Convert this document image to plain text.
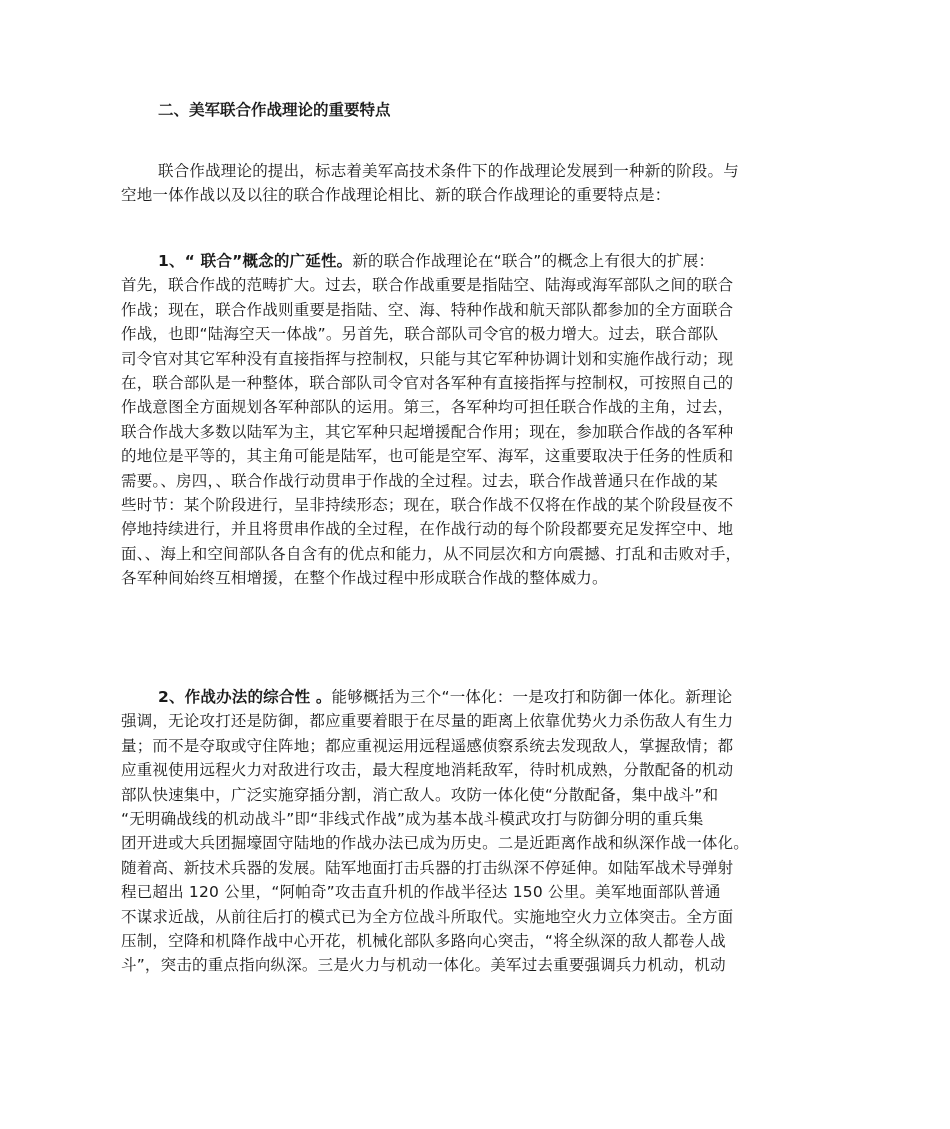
二、美军联合作战理论的重要特点
联合作战理论的提出，标志着美军高技术条件下的作战理论发展到一种新的阶段。与
空地一体作战以及以往的联合作战理论相比、新的联合作战理论的重要特点是：
1、“ 联合”概念的广延性。新的联合作战理论在“联合”的概念上有很大的扩展：
首先，联合作战的范畴扩大。过去，联合作战重要是指陆空、陆海或海军部队之间的联合
作战；现在，联合作战则重要是指陆、空、海、特种作战和航天部队都参加的全方面联合
作战，也即“陆海空天一体战”。另首先，联合部队司令官的极力增大。过去，联合部队
司令官对其它军种没有直接指挥与控制权，只能与其它军种协调计划和实施作战行动；现
在，联合部队是一种整体，联合部队司令官对各军种有直接指挥与控制权，可按照自己的
作战意图全方面规划各军种部队的运用。第三，各军种均可担任联合作战的主角，过去，
联合作战大多数以陆军为主，其它军种只起增援配合作用；现在，参加联合作战的各军种
的地位是平等的，其主角可能是陆军，也可能是空军、海军，这重要取决于任务的性质和
需要。、房四，、联合作战行动贯串于作战的全过程。过去，联合作战普通只在作战的某
些时节：某个阶段进行，呈非持续形态；现在，联合作战不仅将在作战的某个阶段昼夜不
停地持续进行，并且将贯串作战的全过程，在作战行动的每个阶段都要充足发挥空中、地
面、、海上和空间部队各自含有的优点和能力，从不同层次和方向震撼、打乱和击败对手，
各军种间始终互相增援，在整个作战过程中形成联合作战的整体威力。
2、作战办法的综合性 。能够概括为三个“一体化：一是攻打和防御一体化。新理论
强调，无论攻打还是防御，都应重要着眼于在尽量的距离上依靠优势火力杀伤敌人有生力
量；而不是夺取或守住阵地；都应重视运用远程遥感侦察系统去发现敌人，掌握敌情；都
应重视使用远程火力对敌进行攻击，最大程度地消耗敌军，待时机成熟，分散配备的机动
部队快速集中，广泛实施穿插分割，消亡敌人。攻防一体化使“分散配备，集中战斗”和
“无明确战线的机动战斗”即“非线式作战”成为基本战斗模武攻打与防御分明的重兵集
团开进或大兵团掘壕固守陆地的作战办法已成为历史。二是近距离作战和纵深作战一体化。
随着高、新技术兵器的发展。陆军地面打击兵器的打击纵深不停延伸。如陆军战术导弹射
程已超出 120 公里，“阿帕奇”攻击直升机的作战半径达 150 公里。美军地面部队普通
不谋求近战，从前往后打的模式已为全方位战斗所取代。实施地空火力立体突击。全方面
压制，空降和机降作战中心开花，机械化部队多路向心突击，“将全纵深的敌人都卷人战
斗”，突击的重点指向纵深。三是火力与机动一体化。美军过去重要强调兵力机动，机动
